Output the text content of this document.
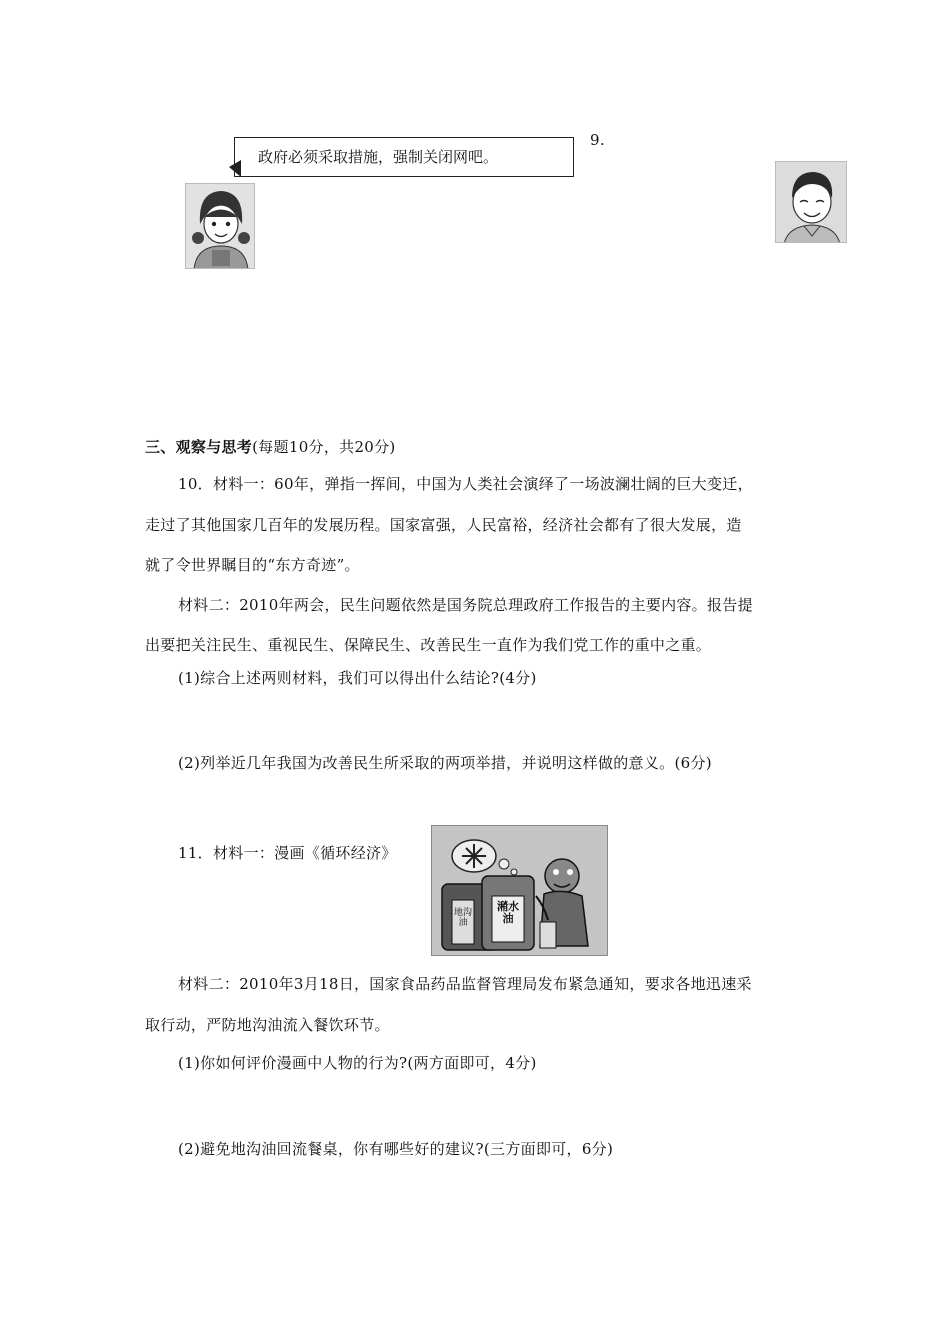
政府必须采取措施，强制关闭网吧。
9.
三、观察与思考(每题10分，共20分)
10．材料一：60年，弹指一挥间，中国为人类社会演绎了一场波澜壮阔的巨大变迁，
走过了其他国家几百年的发展历程。国家富强，人民富裕，经济社会都有了很大发展，造
就了令世界瞩目的“东方奇迹”。
材料二：2010年两会，民生问题依然是国务院总理政府工作报告的主要内容。报告提
出要把关注民生、重视民生、保障民生、改善民生一直作为我们党工作的重中之重。
(1)综合上述两则材料，我们可以得出什么结论?(4分)
(2)列举近几年我国为改善民生所采取的两项举措，并说明这样做的意义。(6分)
11．材料一：漫画《循环经济》
地沟油
潲水油
材料二：2010年3月18日，国家食品药品监督管理局发布紧急通知，要求各地迅速采
取行动，严防地沟油流入餐饮环节。
(1)你如何评价漫画中人物的行为?(两方面即可，4分)
(2)避免地沟油回流餐桌，你有哪些好的建议?(三方面即可，6分)
